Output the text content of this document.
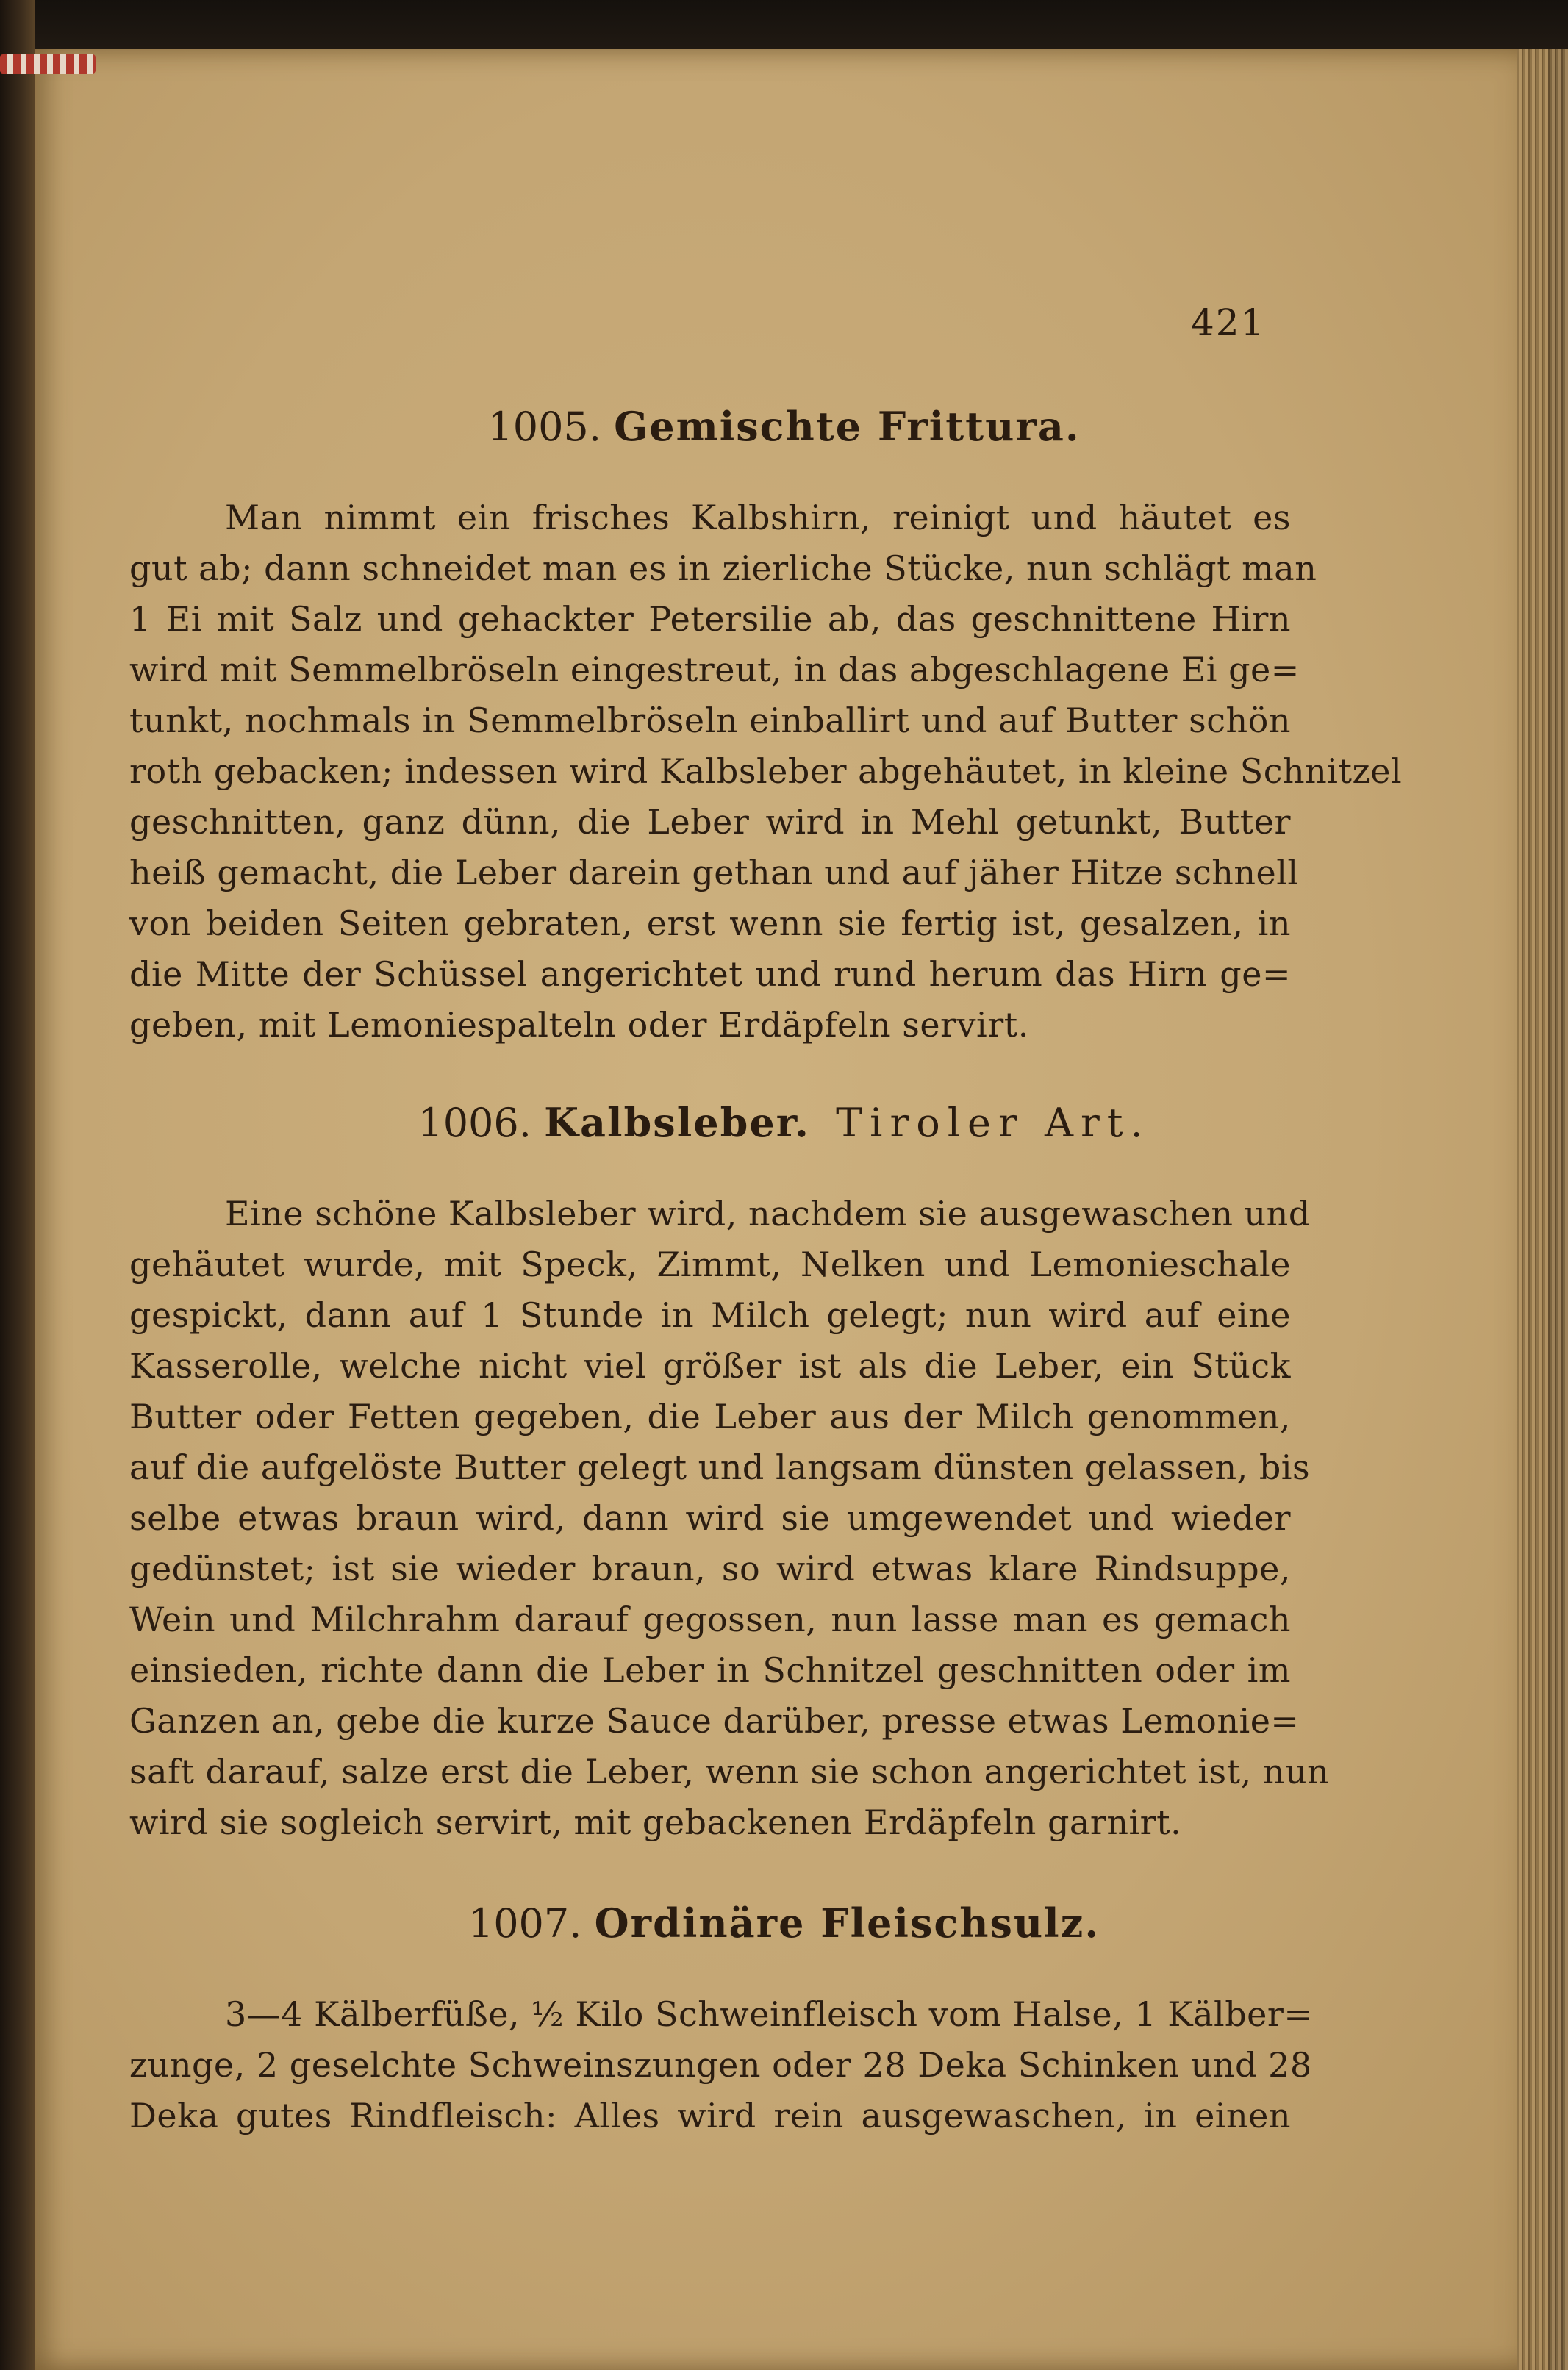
421
1005. Gemischte Frittura.
Man nimmt ein frisches Kalbshirn, reinigt und häutet es
gut ab; dann schneidet man es in zierliche Stücke, nun schlägt man
1 Ei mit Salz und gehackter Petersilie ab, das geschnittene Hirn
wird mit Semmelbröseln eingestreut, in das abgeschlagene Ei ge=
tunkt, nochmals in Semmelbröseln einballirt und auf Butter schön
roth gebacken; indessen wird Kalbsleber abgehäutet, in kleine Schnitzel
geschnitten, ganz dünn, die Leber wird in Mehl getunkt, Butter
heiß gemacht, die Leber darein gethan und auf jäher Hitze schnell
von beiden Seiten gebraten, erst wenn sie fertig ist, gesalzen, in
die Mitte der Schüssel angerichtet und rund herum das Hirn ge=
geben, mit Lemoniespalteln oder Erdäpfeln servirt.
1006. Kalbsleber. Tiroler Art.
Eine schöne Kalbsleber wird, nachdem sie ausgewaschen und
gehäutet wurde, mit Speck, Zimmt, Nelken und Lemonieschale
gespickt, dann auf 1 Stunde in Milch gelegt; nun wird auf eine
Kasserolle, welche nicht viel größer ist als die Leber, ein Stück
Butter oder Fetten gegeben, die Leber aus der Milch genommen,
auf die aufgelöste Butter gelegt und langsam dünsten gelassen, bis
selbe etwas braun wird, dann wird sie umgewendet und wieder
gedünstet; ist sie wieder braun, so wird etwas klare Rindsuppe,
Wein und Milchrahm darauf gegossen, nun lasse man es gemach
einsieden, richte dann die Leber in Schnitzel geschnitten oder im
Ganzen an, gebe die kurze Sauce darüber, presse etwas Lemonie=
saft darauf, salze erst die Leber, wenn sie schon angerichtet ist, nun
wird sie sogleich servirt, mit gebackenen Erdäpfeln garnirt.
1007. Ordinäre Fleischsulz.
3—4 Kälberfüße, ½ Kilo Schweinfleisch vom Halse, 1 Kälber=
zunge, 2 geselchte Schweinszungen oder 28 Deka Schinken und 28
Deka gutes Rindfleisch: Alles wird rein ausgewaschen, in einen
